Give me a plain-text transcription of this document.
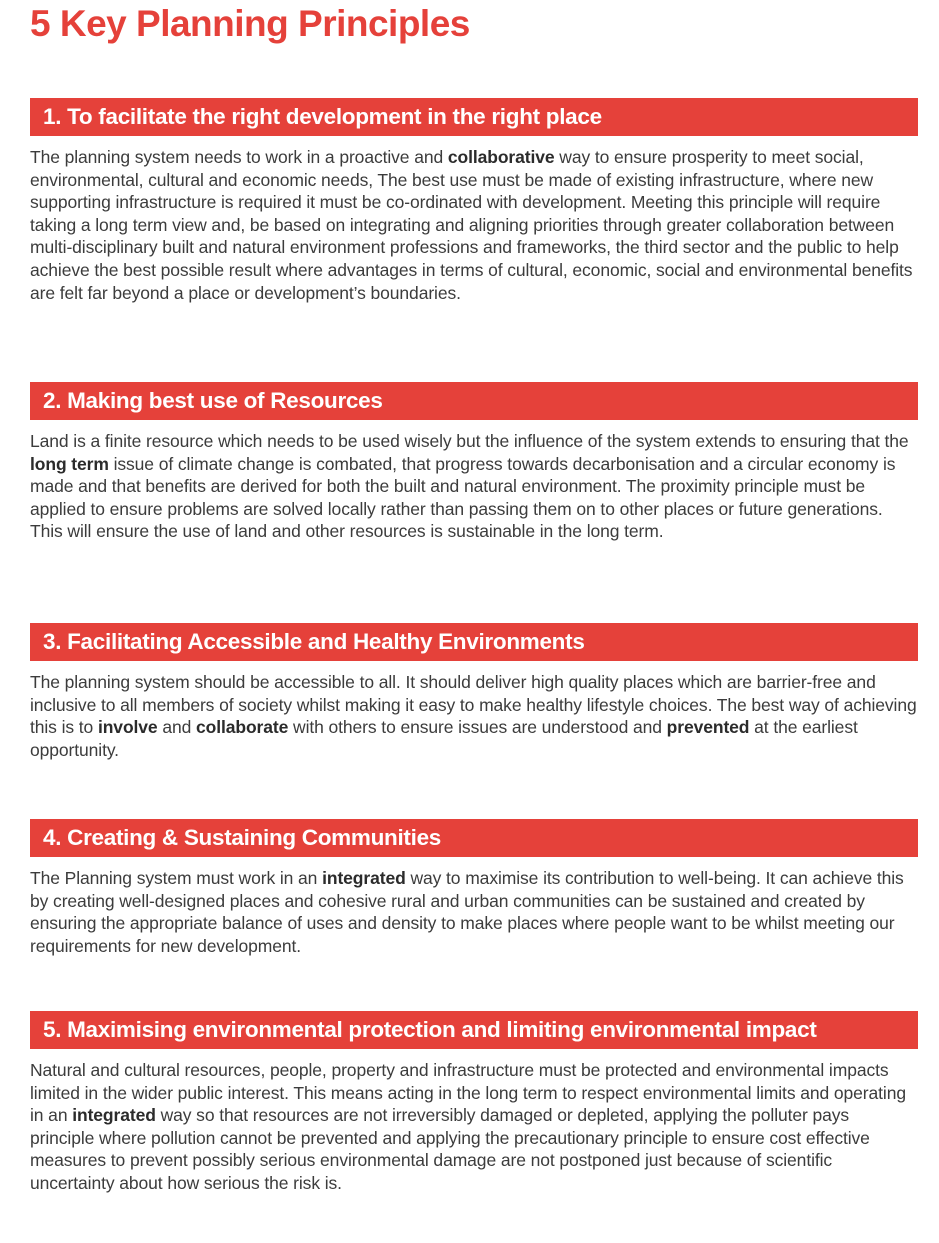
5 Key Planning Principles
1. To facilitate the right development in the right place

The planning system needs to work in a proactive and collaborative way to ensure prosperity to meet social, environmental, cultural and economic needs, The best use must be made of existing infrastructure, where new supporting infrastructure is required it must be co-ordinated with development. Meeting this principle will require taking a long term view and, be based on integrating and aligning priorities through greater collaboration between multi-disciplinary built and natural environment professions and frameworks, the third sector and the public to help achieve the best possible result where advantages in terms of cultural, economic, social and environmental benefits are felt far beyond a place or development’s boundaries.

2. Making best use of Resources

Land is a finite resource which needs to be used wisely but the influence of the system extends to ensuring that the long term issue of climate change is combated, that progress towards decarbonisation and a circular economy is made and that benefits are derived for both the built and natural environment. The proximity principle must be applied to ensure problems are solved locally rather than passing them on to other places or future generations. This will ensure the use of land and other resources is sustainable in the long term.

3. Facilitating Accessible and Healthy Environments

The planning system should be accessible to all. It should deliver high quality places which are barrier-free and inclusive to all members of society whilst making it easy to make healthy lifestyle choices. The best way of achieving this is to involve and collaborate with others to ensure issues are understood and prevented at the earliest opportunity.

4. Creating & Sustaining Communities

The Planning system must work in an integrated way to maximise its contribution to well-being. It can achieve this by creating well-designed places and cohesive rural and urban communities can be sustained and created by ensuring the appropriate balance of uses and density to make places where people want to be whilst meeting our requirements for new development.

5. Maximising environmental protection and limiting environmental impact

Natural and cultural resources, people, property and infrastructure must be protected and environmental impacts limited in the wider public interest. This means acting in the long term to respect environmental limits and operating in an integrated way so that resources are not irreversibly damaged or depleted, applying the polluter pays principle where pollution cannot be prevented and applying the precautionary principle to ensure cost effective measures to prevent possibly serious environmental damage are not postponed just because of scientific uncertainty about how serious the risk is.
